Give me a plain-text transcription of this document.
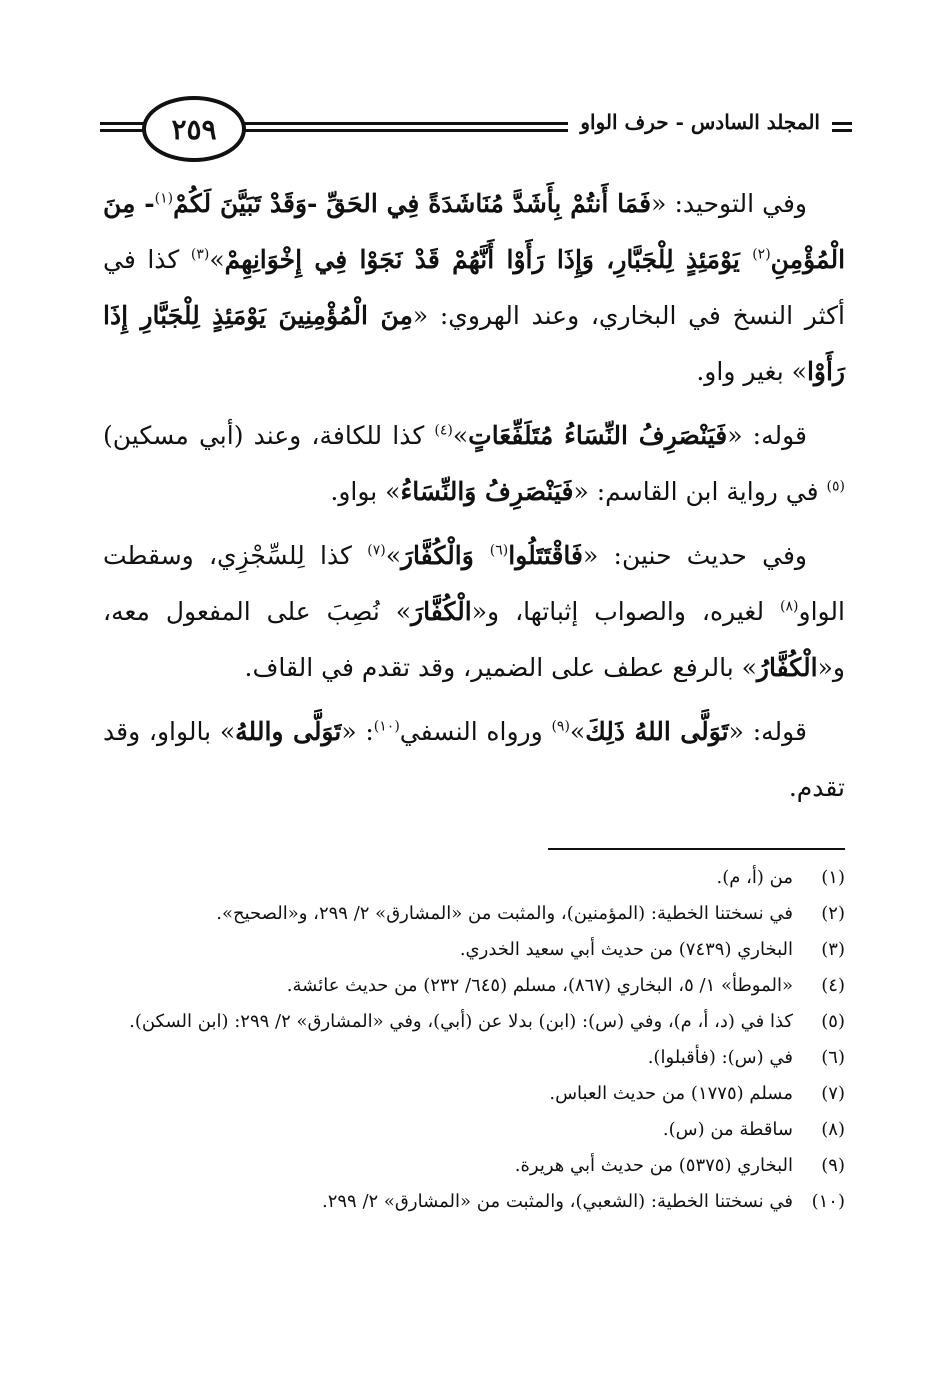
٢٥٩	المجلد السادس - حرف الواو

وفي التوحيد: «فَمَا أَنتُمْ بِأَشَدَّ مُنَاشَدَةً فِي الحَقِّ -وَقَدْ تَبَيَّنَ لَكُمْ$^{(١)}$- مِنَ الْمُؤْمِنِ$^{(٢)}$ يَوْمَئِذٍ لِلْجَبَّارِ، وَإِذَا رَأَوْا أَنَّهُمْ قَدْ نَجَوْا فِي إِخْوَانِهِمْ»$^{(٣)}$ كذا في أكثر النسخ في البخاري، وعند الهروي: «مِنَ الْمُؤْمِنِينَ يَوْمَئِذٍ لِلْجَبَّارِ إِذَا رَأَوْا» بغير واو.

قوله: «فَيَنْصَرِفُ النِّسَاءُ مُتَلَفِّعَاتٍ»$^{(٤)}$ كذا للكافة، وعند (أبي مسكين)$^{(٥)}$ في رواية ابن القاسم: «فَيَنْصَرِفُ وَالنِّسَاءُ» بواو.

وفي حديث حنين: «فَاقْتَتَلُوا$^{(٦)}$ وَالْكُفَّارَ»$^{(٧)}$ كذا لِلسِّجْزِي، وسقطت الواو$^{(٨)}$ لغيره، والصواب إثباتها، و«الْكُفَّارَ» نُصِبَ على المفعول معه، و«الْكُفَّارُ» بالرفع عطف على الضمير، وقد تقدم في القاف.

قوله: «تَوَلَّى اللهُ ذَلِكَ»$^{(٩)}$ ورواه النسفي$^{(١٠)}$: «تَوَلَّى واللهُ» بالواو، وقد تقدم.

(١)
من (أ، م).
(٢)
في نسختنا الخطية: (المؤمنين)، والمثبت من «المشارق» ٢/ ٢٩٩، و«الصحيح».
(٣)
البخاري (٧٤٣٩) من حديث أبي سعيد الخدري.
(٤)
«الموطأ» ١/ ٥، البخاري (٨٦٧)، مسلم (٦٤٥/ ٢٣٢) من حديث عائشة.
(٥)
كذا في (د، أ، م)، وفي (س): (ابن) بدلا عن (أبي)، وفي «المشارق» ٢/ ٢٩٩: (ابن السكن).
(٦)
في (س): (فأقبلوا).
(٧)
مسلم (١٧٧٥) من حديث العباس.
(٨)
ساقطة من (س).
(٩)
البخاري (٥٣٧٥) من حديث أبي هريرة.
(١٠)
في نسختنا الخطية: (الشعبي)، والمثبت من «المشارق» ٢/ ٢٩٩.
